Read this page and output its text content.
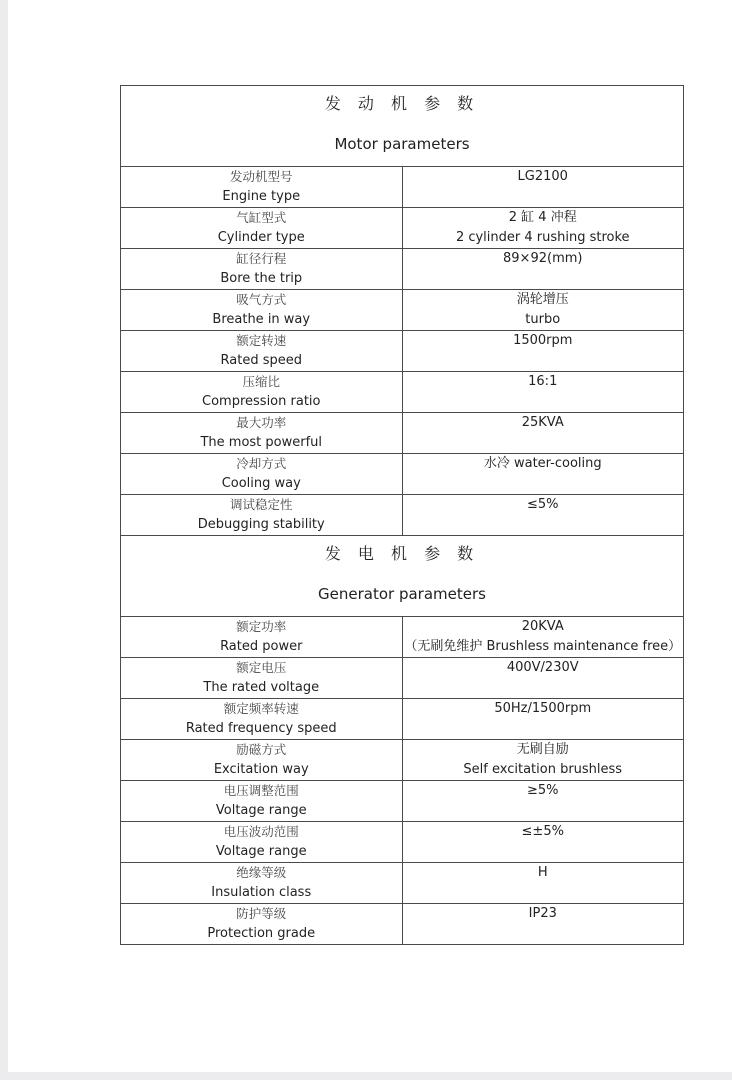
发 动 机 参 数
Motor parameters	

发动机型号
Engine type	LG2100

气缸型式
Cylinder type	2 缸 4 冲程
2 cylinder 4 rushing stroke

缸径行程
Bore the trip	89×92(mm)

吸气方式
Breathe in way	涡轮增压
turbo

额定转速
Rated speed	1500rpm

压缩比
Compression ratio	16:1

最大功率
The most powerful	25KVA

冷却方式
Cooling way	水冷 water-cooling

调试稳定性
Debugging stability	≤5%

发 电 机 参 数
Generator parameters	

额定功率
Rated power	20KVA
（无刷免维护 Brushless maintenance free）

额定电压
The rated voltage	400V/230V

额定频率转速
Rated frequency speed	50Hz/1500rpm

励磁方式
Excitation way	无刷自励
Self excitation brushless

电压调整范围
Voltage range	≥5%

电压波动范围
Voltage range	≤±5%

绝缘等级
Insulation class	H

防护等级
Protection grade	IP23
